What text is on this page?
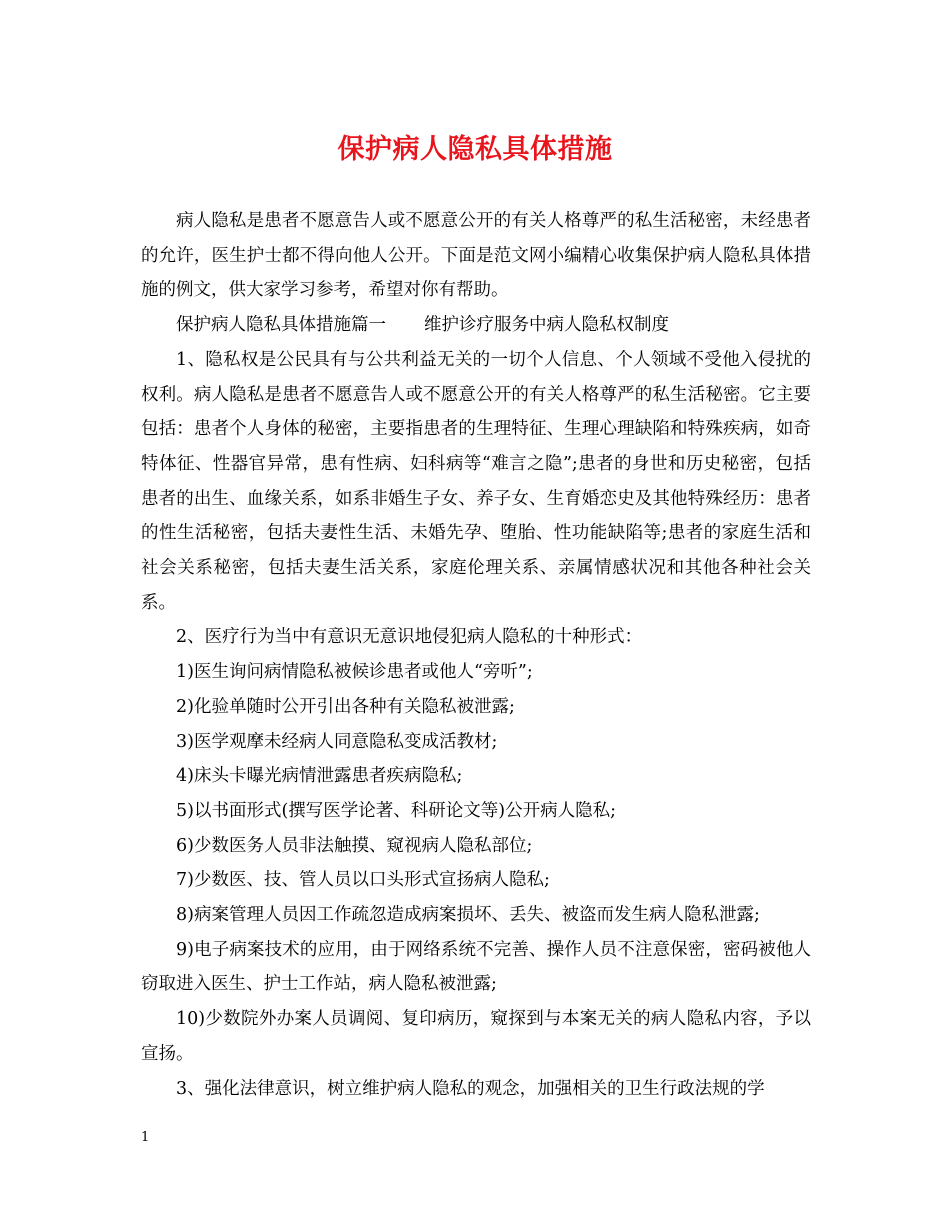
保护病人隐私具体措施

病人隐私是患者不愿意告人或不愿意公开的有关人格尊严的私生活秘密，未经患者的允许，医生护士都不得向他人公开。下面是范文网小编精心收集保护病人隐私具体措施的例文，供大家学习参考，希望对你有帮助。

保护病人隐私具体措施篇一 维护诊疗服务中病人隐私权制度

1、隐私权是公民具有与公共利益无关的一切个人信息、个人领域不受他入侵扰的权利。病人隐私是患者不愿意告人或不愿意公开的有关人格尊严的私生活秘密。它主要包括：患者个人身体的秘密，主要指患者的生理特征、生理心理缺陷和特殊疾病，如奇特体征、性器官异常，患有性病、妇科病等“难言之隐”;患者的身世和历史秘密，包括患者的出生、血缘关系，如系非婚生子女、养子女、生育婚恋史及其他特殊经历：患者的性生活秘密，包括夫妻性生活、未婚先孕、堕胎、性功能缺陷等;患者的家庭生活和社会关系秘密，包括夫妻生活关系，家庭伦理关系、亲属情感状况和其他各种社会关系。

2、医疗行为当中有意识无意识地侵犯病人隐私的十种形式：

1)医生询问病情隐私被候诊患者或他人“旁听”;

2)化验单随时公开引出各种有关隐私被泄露;

3)医学观摩未经病人同意隐私变成活教材;

4)床头卡曝光病情泄露患者疾病隐私;

5)以书面形式(撰写医学论著、科研论文等)公开病人隐私;

6)少数医务人员非法触摸、窥视病人隐私部位;

7)少数医、技、管人员以口头形式宣扬病人隐私;

8)病案管理人员因工作疏忽造成病案损坏、丢失、被盗而发生病人隐私泄露;

9)电子病案技术的应用，由于网络系统不完善、操作人员不注意保密，密码被他人窃取进入医生、护士工作站，病人隐私被泄露;

10)少数院外办案人员调阅、复印病历，窥探到与本案无关的病人隐私内容，予以宣扬。

3、强化法律意识，树立维护病人隐私的观念，加强相关的卫生行政法规的学

1
